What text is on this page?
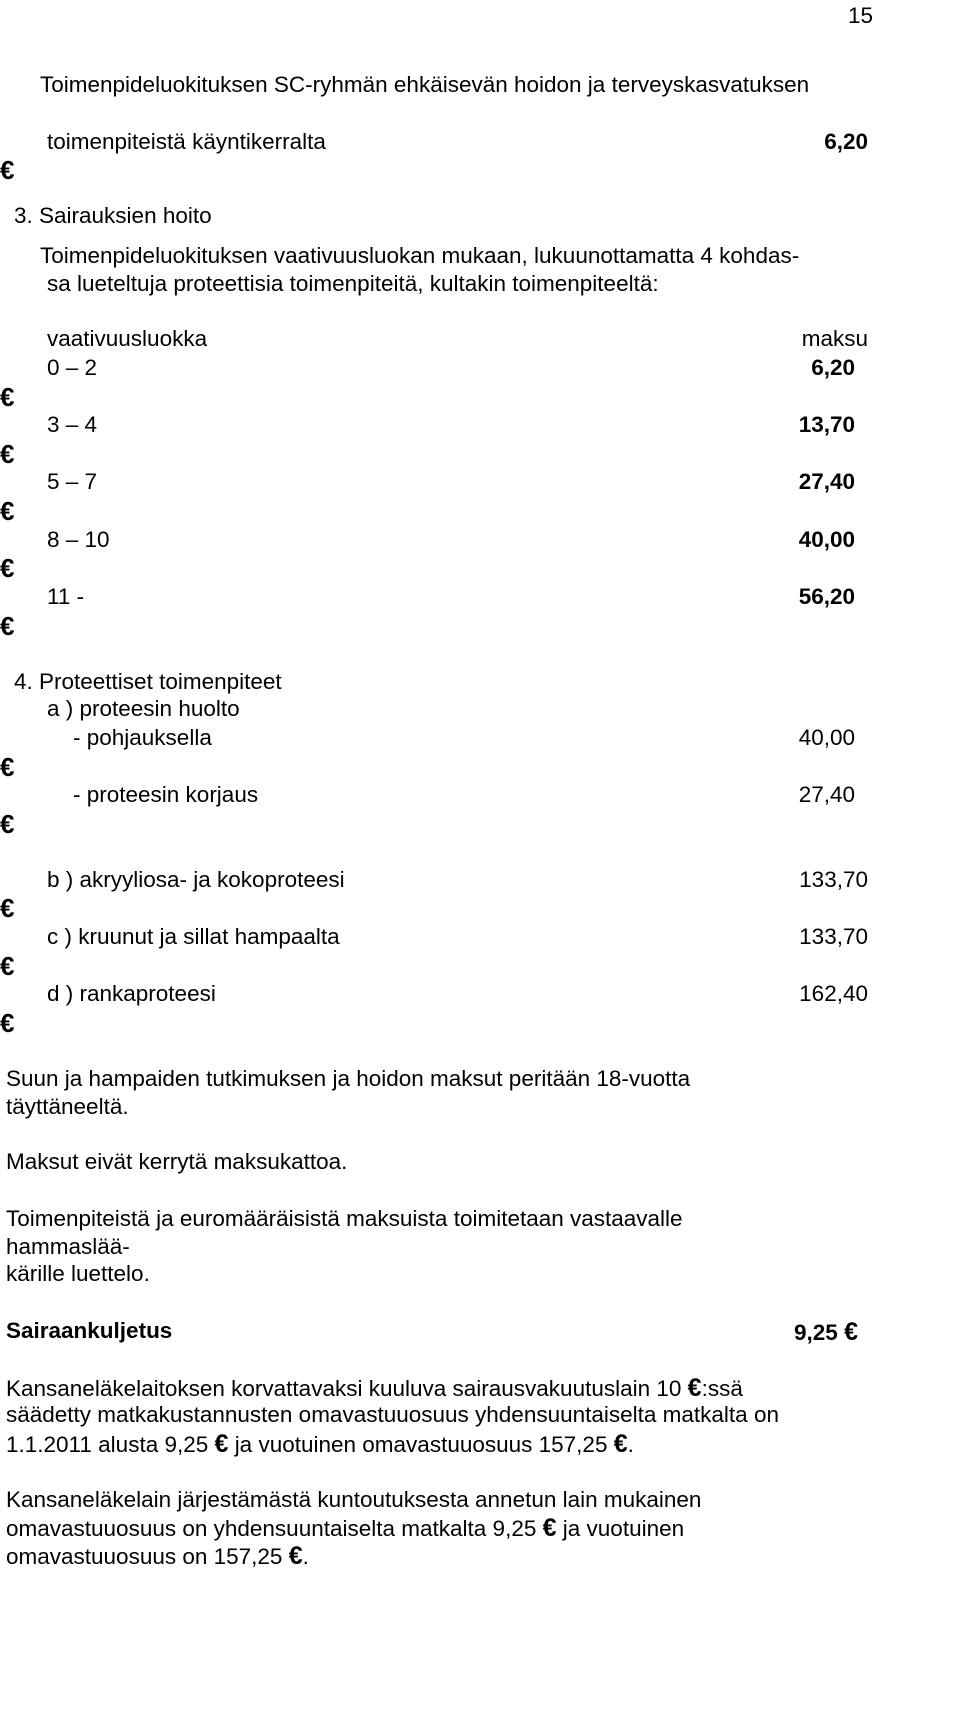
15
Toimenpideluokituksen SC-ryhmän ehkäisevän hoidon ja terveyskasvatuksen
toimenpiteistä käyntikerralta	6,20
€
3. Sairauksien hoito
Toimenpideluokituksen vaativuusluokan mukaan, lukuunottamatta 4 kohdas-
sa lueteltuja proteettisia toimenpiteitä, kultakin toimenpiteeltä:
vaativuusluokka	maksu
0 – 2	6,20
€
3 – 4	13,70
€
5 – 7	27,40
€
8 – 10	40,00
€
11 -	56,20
€
4. Proteettiset toimenpiteet
a ) proteesin huolto
- pohjauksella	40,00
€
- proteesin korjaus	27,40
€
b ) akryyliosa- ja kokoproteesi	133,70
€
c ) kruunut ja sillat hampaalta	133,70
€
d ) rankaproteesi	162,40
€
Suun ja hampaiden tutkimuksen ja hoidon maksut peritään 18-vuotta
täyttäneeltä.
Maksut eivät kerrytä maksukattoa.
Toimenpiteistä ja euromääräisistä maksuista toimitetaan vastaavalle
hammaslää-
kärille luettelo.
Sairaankuljetus	9,25 €
Kansaneläkelaitoksen korvattavaksi kuuluva sairausvakuutuslain 10 €:ssä
säädetty matkakustannusten omavastuuosuus yhdensuuntaiselta matkalta on
1.1.2011 alusta 9,25 € ja vuotuinen omavastuuosuus 157,25 €.
Kansaneläkelain järjestämästä kuntoutuksesta annetun lain mukainen
omavastuuosuus on yhdensuuntaiselta matkalta 9,25 € ja vuotuinen
omavastuuosuus on 157,25 €.
